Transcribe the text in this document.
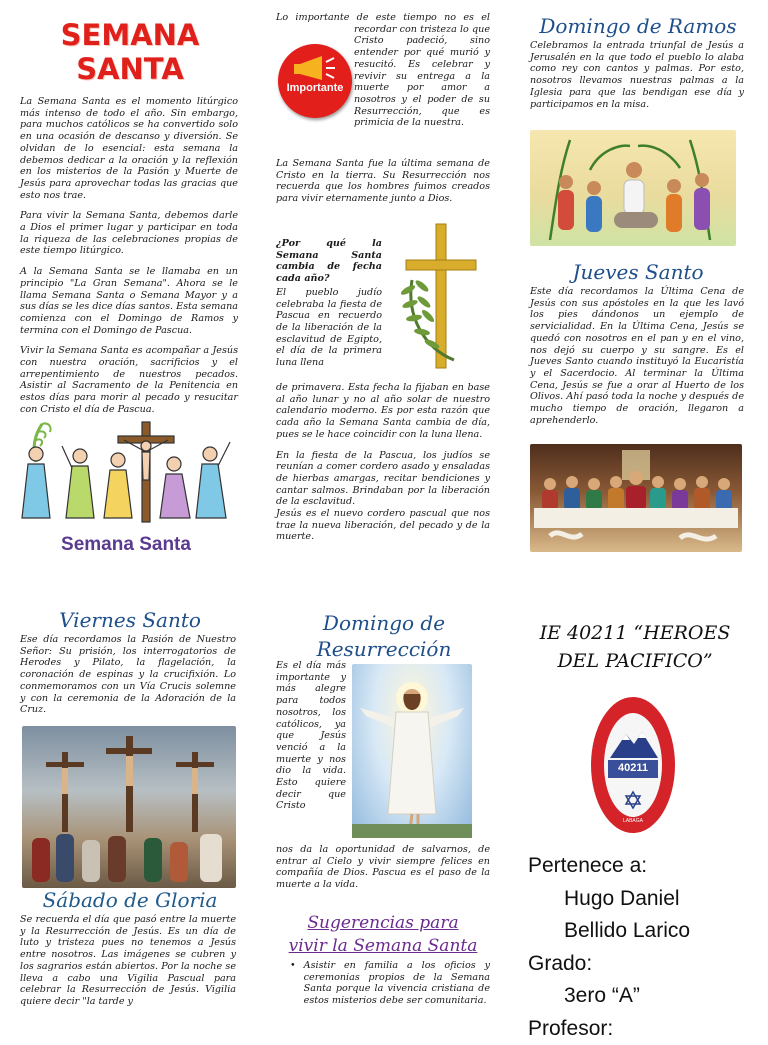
SEMANA
SANTA

La Semana Santa es el momento litúrgico más intenso de todo el año. Sin embargo, para muchos católicos se ha convertido solo en una ocasión de descanso y diversión. Se olvidan de lo esencial: esta semana la debemos dedicar a la oración y la reflexión en los misterios de la Pasión y Muerte de Jesús para aprovechar todas las gracias que esto nos trae.

Para vivir la Semana Santa, debemos darle a Dios el primer lugar y participar en toda la riqueza de las celebraciones propias de este tiempo litúrgico.

A la Semana Santa se le llamaba en un principio "La Gran Semana". Ahora se le llama Semana Santa o Semana Mayor y a sus días se les dice días santos. Esta semana comienza con el Domingo de Ramos y termina con el Domingo de Pascua.

Vivir la Semana Santa es acompañar a Jesús con nuestra oración, sacrificios y el arrepentimiento de nuestros pecados. Asistir al Sacramento de la Penitencia en estos días para morir al pecado y resucitar con Cristo el día de Pascua.

Semana Santa

Lo importante de este tiempo no es el recordar con tristeza lo que Cristo padeció, sino entender por qué murió y resucitó. Es celebrar y revivir su entrega a la muerte por amor a nosotros y el poder de su Resurrección, que es primicia de la nuestra.

Importante

La Semana Santa fue la última semana de Cristo en la tierra. Su Resurrección nos recuerda que los hombres fuimos creados para vivir eternamente junto a Dios.

¿Por qué la Semana Santa cambia de fecha cada año?
El pueblo judío celebraba la fiesta de Pascua en recuerdo de la liberación de la esclavitud de Egipto, el día de la primera luna llena

de primavera. Esta fecha la fijaban en base al año lunar y no al año solar de nuestro calendario moderno. Es por esta razón que cada año la Semana Santa cambia de día, pues se le hace coincidir con la luna llena.

En la fiesta de la Pascua, los judíos se reunían a comer cordero asado y ensaladas de hierbas amargas, recitar bendiciones y cantar salmos. Brindaban por la liberación de la esclavitud.

Jesús es el nuevo cordero pascual que nos trae la nueva liberación, del pecado y de la muerte.

Domingo de Ramos
Celebramos la entrada triunfal de Jesús a Jerusalén en la que todo el pueblo lo alaba como rey con cantos y palmas. Por esto, nosotros llevamos nuestras palmas a la Iglesia para que las bendigan ese día y participamos en la misa.
Jueves Santo
Este día recordamos la Última Cena de Jesús con sus apóstoles en la que les lavó los pies dándonos un ejemplo de servicialidad. En la Última Cena, Jesús se quedó con nosotros en el pan y en el vino, nos dejó su cuerpo y su sangre. Es el Jueves Santo cuando instituyó la Eucaristía y el Sacerdocio. Al terminar la Última Cena, Jesús se fue a orar al Huerto de los Olivos. Ahí pasó toda la noche y después de mucho tiempo de oración, llegaron a aprehenderlo.
Viernes Santo
Ese día recordamos la Pasión de Nuestro Señor: Su prisión, los interrogatorios de Herodes y Pilato, la flagelación, la coronación de espinas y la crucifixión. Lo conmemoramos con un Vía Crucis solemne y con la ceremonia de la Adoración de la Cruz.
Sábado de Gloria
Se recuerda el día que pasó entre la muerte y la Resurrección de Jesús. Es un día de luto y tristeza pues no tenemos a Jesús entre nosotros. Las imágenes se cubren y los sagrarios están abiertos. Por la noche se lleva a cabo una Vigilia Pascual para celebrar la Resurrección de Jesús. Vigilia quiere decir "la tarde y
Domingo de
Resurrección
Es el día más importante y más alegre para todos nosotros, los católicos, ya que Jesús venció a la muerte y nos dio la vida. Esto quiere decir que Cristo
nos da la oportunidad de salvarnos, de entrar al Cielo y vivir siempre felices en compañía de Dios. Pascua es el paso de la muerte a la vida.
Sugerencias para
vivir la Semana Santa
• Asistir en familia a los oficios y ceremonias propios de la Semana Santa porque la vivencia cristiana de estos misterios debe ser comunitaria.
IE 40211 “HEROES
DEL PACIFICO”
40211
LABAGA
Pertenece a:
Hugo Daniel
Bellido Larico
Grado:
3ero “A”
Profesor:
